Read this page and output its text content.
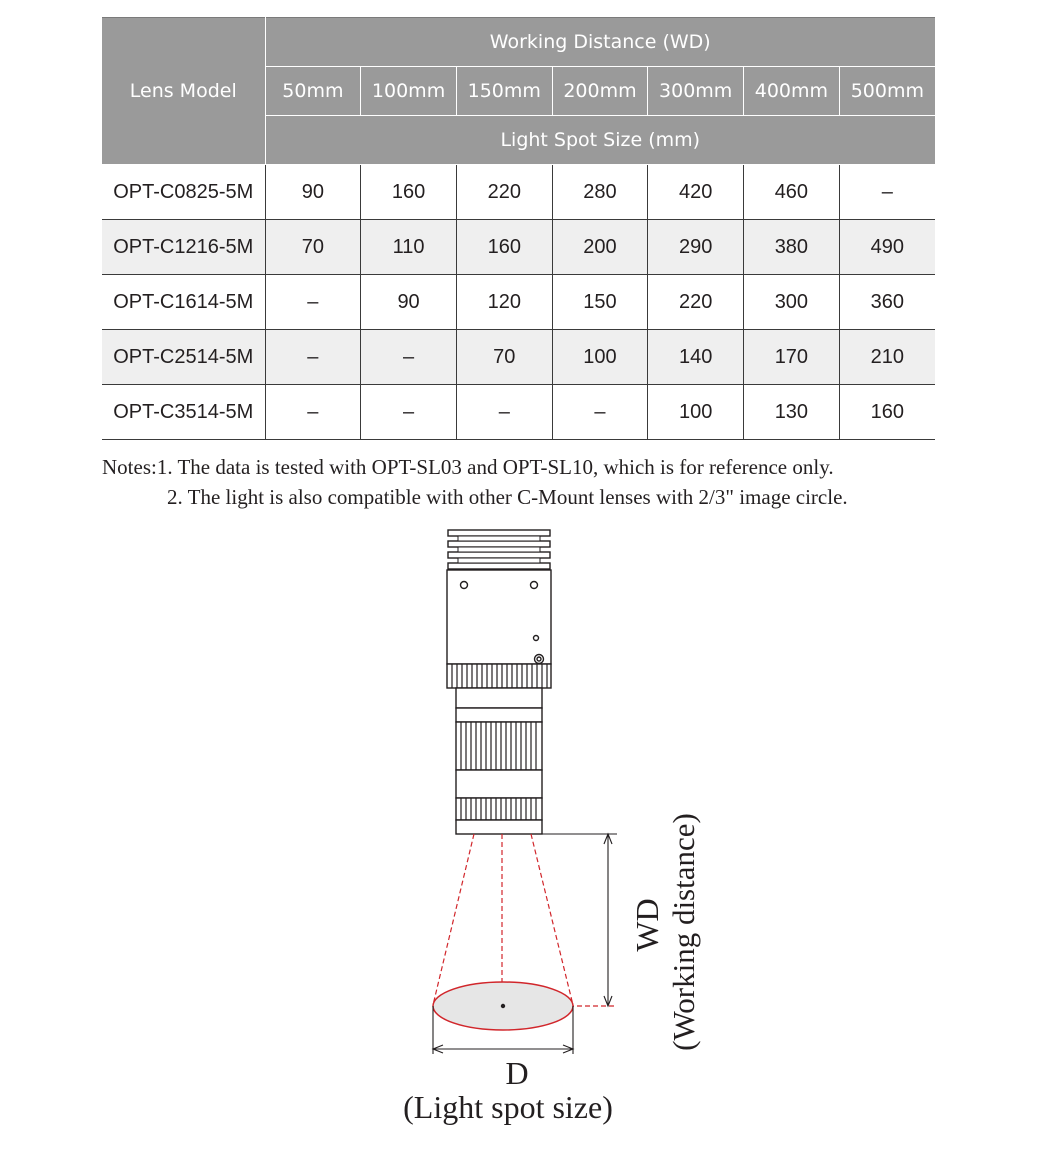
Lens Model	Working Distance (WD)						
	50mm	100mm	150mm	200mm	300mm	400mm	500mm
	Light Spot Size (mm)						
OPT-C0825-5M	90	160	220	280	420	460	–
OPT-C1216-5M	70	110	160	200	290	380	490
OPT-C1614-5M	–	90	120	150	220	300	360
OPT-C2514-5M	–	–	70	100	140	170	210
OPT-C3514-5M	–	–	–	–	100	130	160
Notes:1. The data is tested with OPT-SL03 and OPT-SL10, which is for reference only.
2. The light is also compatible with other C-Mount lenses with 2/3" image circle.
WD (Working distance)
D
(Light spot size)
